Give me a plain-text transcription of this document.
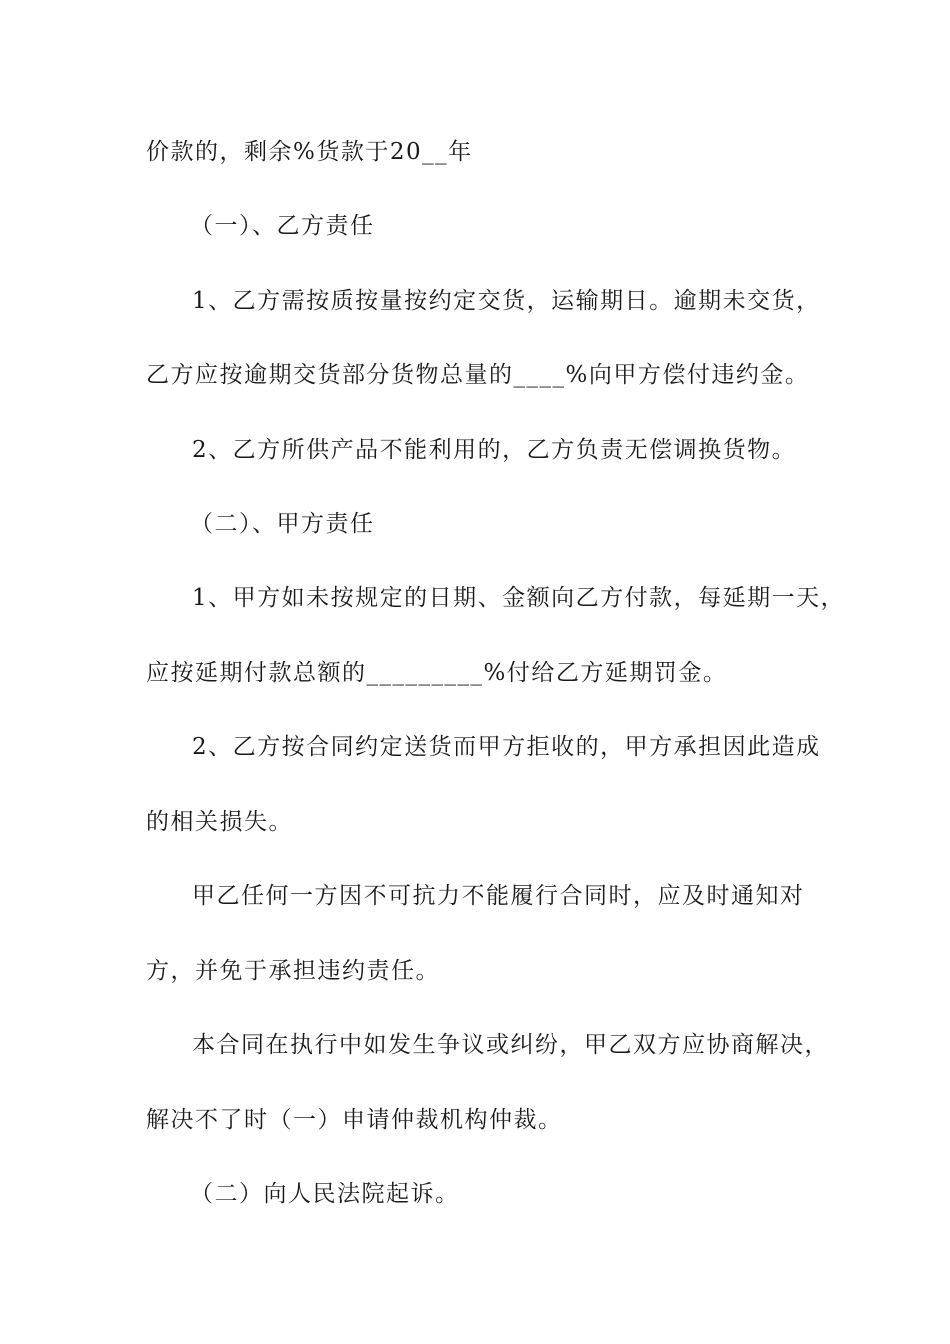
价款的，剩余%货款于20__年
（一）、乙方责任
1、乙方需按质按量按约定交货，运输期日。逾期未交货，
乙方应按逾期交货部分货物总量的____%向甲方偿付违约金。
2、乙方所供产品不能利用的，乙方负责无偿调换货物。
（二）、甲方责任
1、甲方如未按规定的日期、金额向乙方付款，每延期一天，
应按延期付款总额的_________%付给乙方延期罚金。
2、乙方按合同约定送货而甲方拒收的，甲方承担因此造成
的相关损失。
甲乙任何一方因不可抗力不能履行合同时，应及时通知对
方，并免于承担违约责任。
本合同在执行中如发生争议或纠纷，甲乙双方应协商解决，
解决不了时（一）申请仲裁机构仲裁。
（二）向人民法院起诉。
